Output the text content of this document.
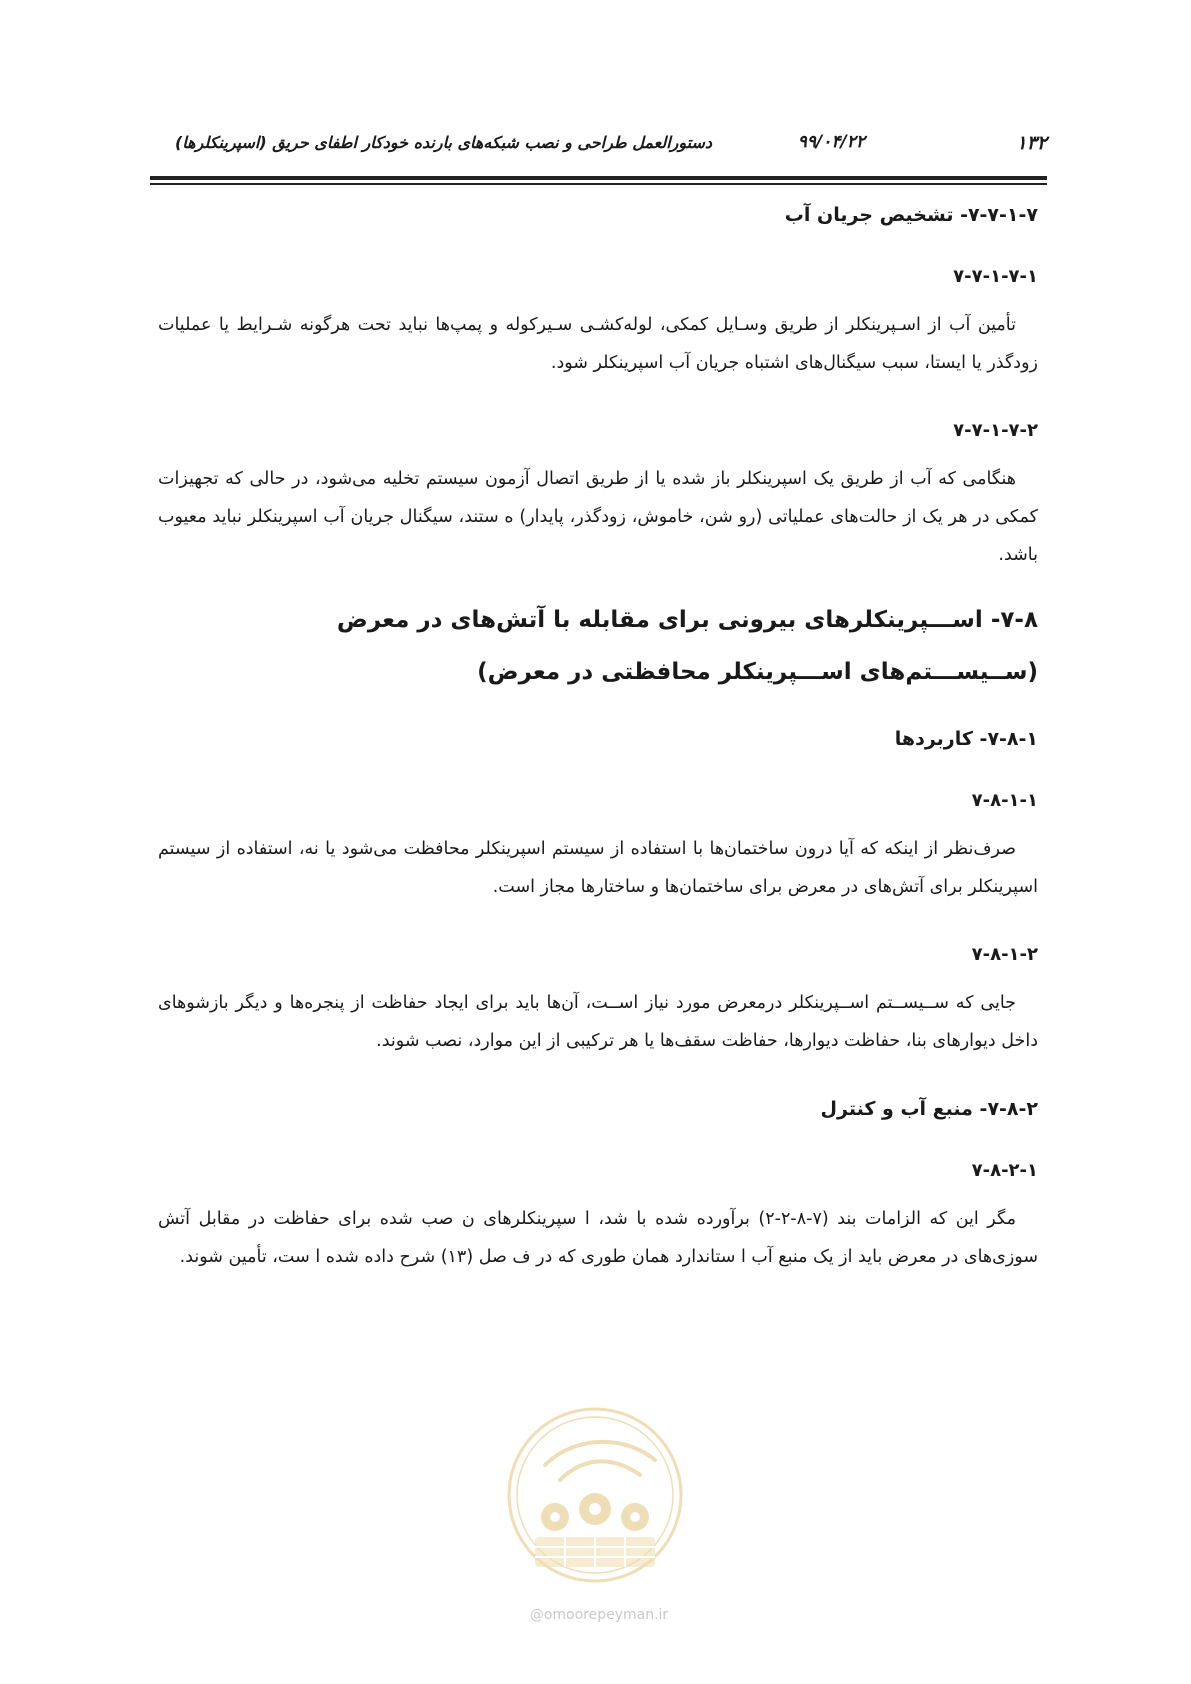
۱۳۲
۹۹/۰۴/۲۲
دستورالعمل طراحی و نصب شبکه‌های بارنده خودکار اطفای حریق (اسپرینکلرها)
۷-۷-۱-۷- تشخیص جریان آب
۷-۷-۱-۷-۱

تأمین آب از اسـپرینکلر از طریق وسـایل کمکی، لوله‌کشـی سـیرکوله و پمپ‌ها نباید تحت هرگونه شـرایط یا عملیات زودگذر یا ایستا، سبب سیگنال‌های اشتباه جریان آب اسپرینکلر شود.

۷-۷-۱-۷-۲

هنگامی که آب از طریق یک اسپرینکلر باز شده یا از طریق اتصال آزمون سیستم تخلیه می‌شود، در حالی که تجهیزات کمکی در هر یک از حالت‌های عملیاتی (رو شن، خاموش، زودگذر، پایدار) ه ستند، سیگنال جریان آب اسپرینکلر نباید معیوب باشد.

۷-۸- اســـپرینکلرهای بیرونی برای مقابله با آتش‌های در معرض (ســیســـتم‌های اســـپرینکلر محافظتی در معرض)
۷-۸-۱- کاربردها
۷-۸-۱-۱

صرف‌نظر از اینکه که آیا درون ساختمان‌ها با استفاده از سیستم اسپرینکلر محافظت می‌شود یا نه، استفاده از سیستم اسپرینکلر برای آتش‌های در معرض برای ساختمان‌ها و ساختارها مجاز است.

۷-۸-۱-۲

جایی که ســیســتم اســپرینکلر درمعرض مورد نیاز اســت، آن‌ها باید برای ایجاد حفاظت از پنجره‌ها و دیگر بازشوهای داخل دیوارهای بنا، حفاظت دیوارها، حفاظت سقف‌ها یا هر ترکیبی از این موارد، نصب شوند.

۷-۸-۲- منبع آب و کنترل
۷-۸-۲-۱

مگر این که الزامات بند (۷-۸-۲-۲) برآورده شده با شد، ا سپرینکلرهای ن صب شده برای حفاظت در مقابل آتش سوزی‌های در معرض باید از یک منبع آب ا ستاندارد همان طوری که در ف صل (۱۳) شرح داده شده ا ست، تأمین شوند.

@omoorepeyman.ir
